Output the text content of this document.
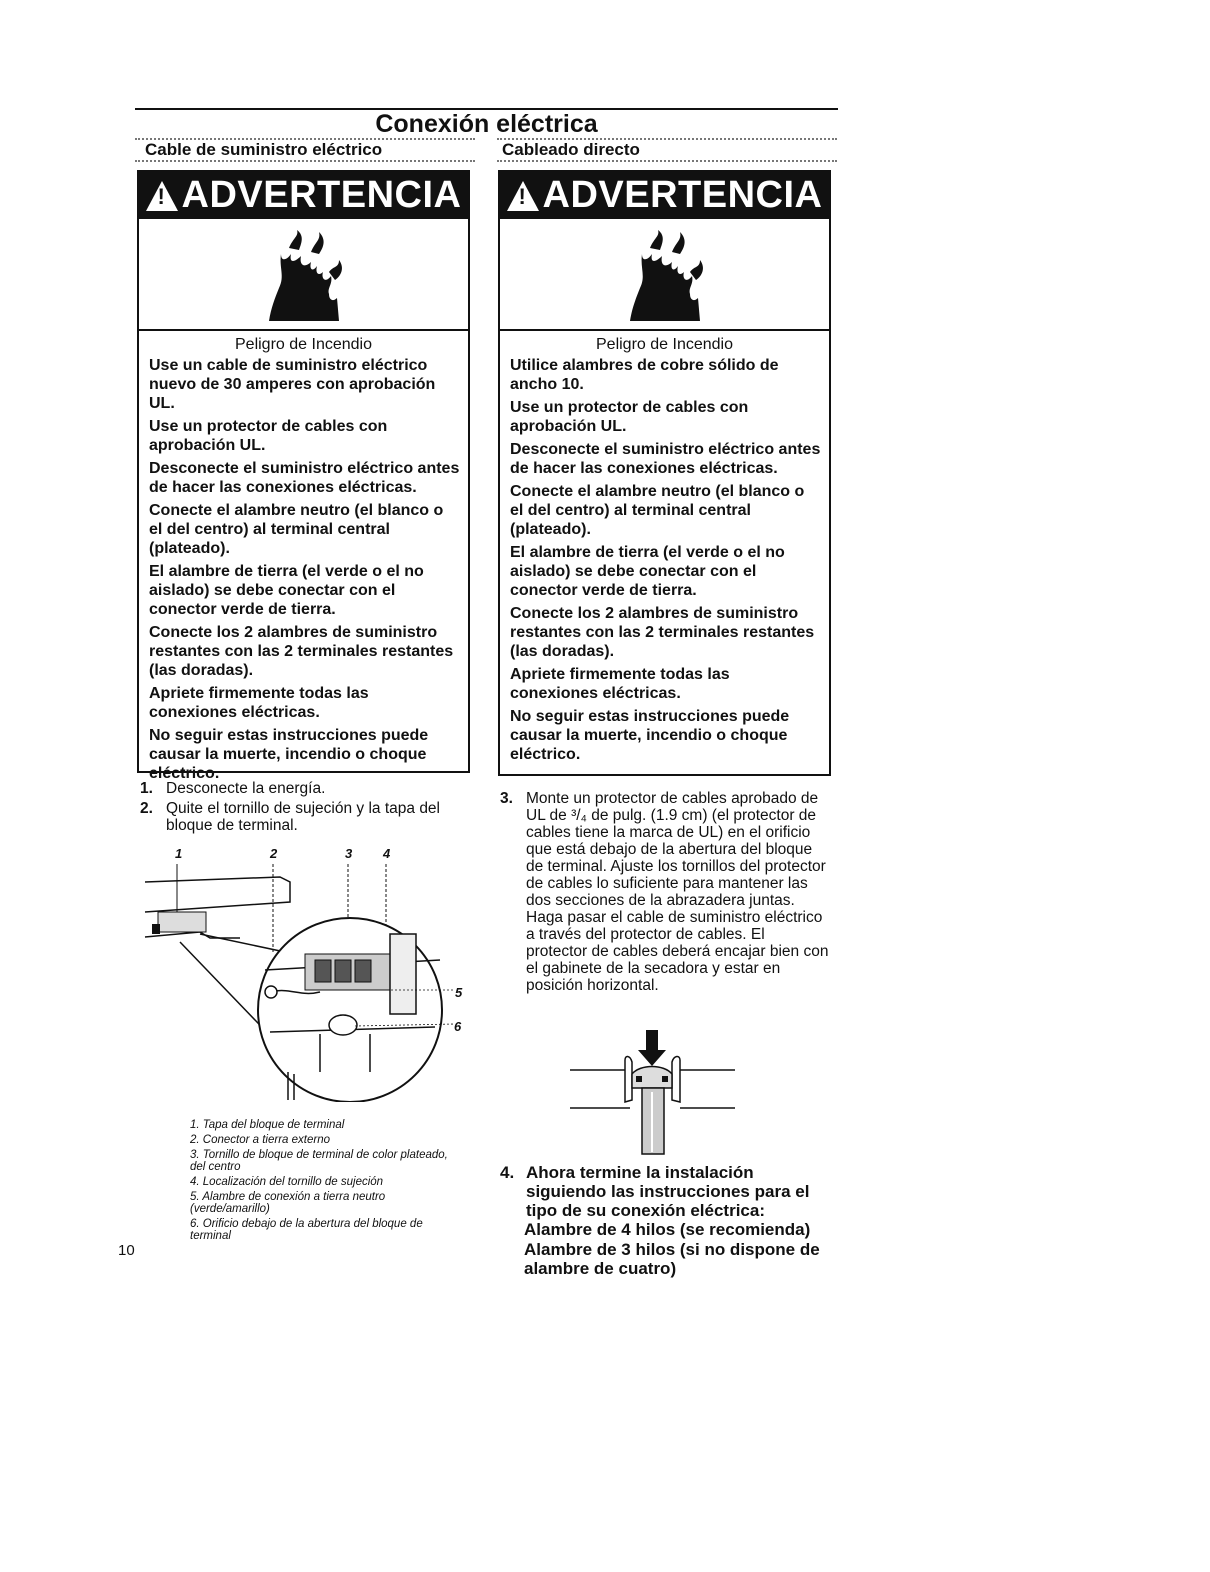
Conexión eléctrica
Cable de suministro eléctrico
!
ADVERTENCIA
Peligro de Incendio
Use un cable de suministro eléctrico nuevo de 30 amperes con aprobación UL.
Use un protector de cables con aprobación UL.
Desconecte el suministro eléctrico antes de hacer las conexiones eléctricas.
Conecte el alambre neutro (el blanco o el del centro) al terminal central (plateado).
El alambre de tierra (el verde o el no aislado) se debe conectar con el conector verde de tierra.
Conecte los 2 alambres de suministro restantes con las 2 terminales restantes (las doradas).
Apriete firmemente todas las conexiones eléctricas.
No seguir estas instrucciones puede causar la muerte, incendio o choque eléctrico.
1. Desconecte la energía.
2. Quite el tornillo de sujeción y la tapa del bloque de terminal.
1	2	3 4
5
6
1. Tapa del bloque de terminal
2. Conector a tierra externo
3. Tornillo de bloque de terminal de color plateado, del centro
4. Localización del tornillo de sujeción
5. Alambre de conexión a tierra neutro (verde/amarillo)
6. Orificio debajo de la abertura del bloque de terminal
10
Cableado directo
!
ADVERTENCIA
Peligro de Incendio
Utilice alambres de cobre sólido de ancho 10.
Use un protector de cables con aprobación UL.
Desconecte el suministro eléctrico antes de hacer las conexiones eléctricas.
Conecte el alambre neutro (el blanco o el del centro) al terminal central (plateado).
El alambre de tierra (el verde o el no aislado) se debe conectar con el conector verde de tierra.
Conecte los 2 alambres de suministro restantes con las 2 terminales restantes (las doradas).
Apriete firmemente todas las conexiones eléctricas.
No seguir estas instrucciones puede causar la muerte, incendio o choque eléctrico.
3. Monte un protector de cables aprobado de UL de ³/₄ de pulg. (1.9 cm) (el protector de cables tiene la marca de UL) en el orificio que está debajo de la abertura del bloque de terminal. Ajuste los tornillos del protector de cables lo suficiente para mantener las dos secciones de la abrazadera juntas. Haga pasar el cable de suministro eléctrico a través del protector de cables. El protector de cables deberá encajar bien con el gabinete de la secadora y estar en posición horizontal.
4. Ahora termine la instalación siguiendo las instrucciones para el tipo de su conexión eléctrica:
Alambre de 4 hilos (se recomienda)
Alambre de 3 hilos (si no dispone de alambre de cuatro)
